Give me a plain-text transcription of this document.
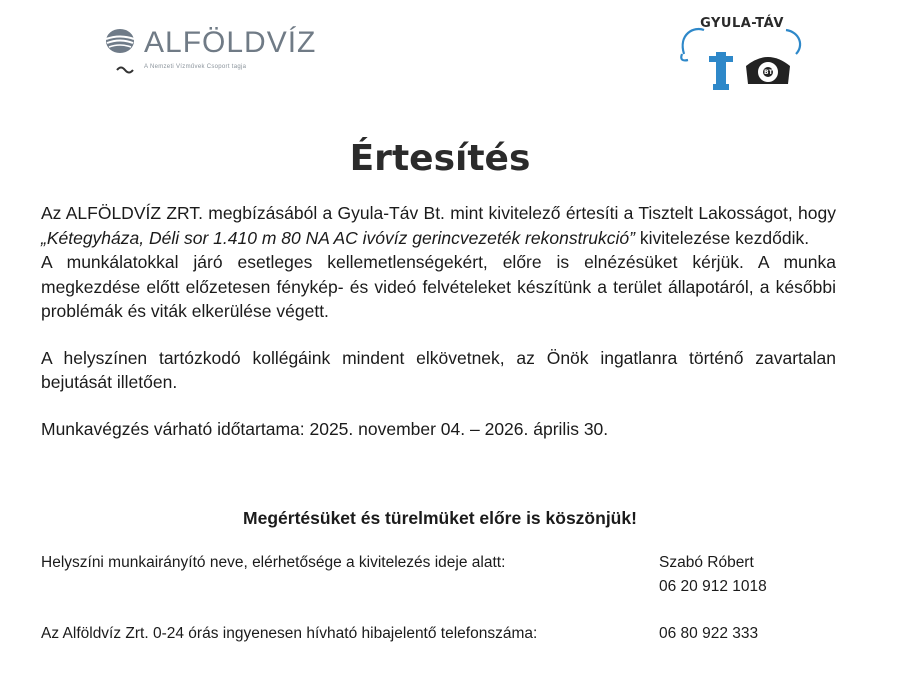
ALFÖLDVÍZ
A Nemzeti Vízművek Csoport tagja
GYULA-TÁV
BT
Értesítés

Az ALFÖLDVÍZ ZRT. megbízásából a Gyula-Táv Bt. mint kivitelező értesíti a Tisztelt Lakosságot, hogy „Kétegyháza, Déli sor 1.410 m 80 NA AC ivóvíz gerincvezeték rekonstrukció” kivitelezése kezdődik.

A munkálatokkal járó esetleges kellemetlenségekért, előre is elnézésüket kérjük. A munka megkezdése előtt előzetesen fénykép- és videó felvételeket készítünk a terület állapotáról, a későbbi problémák és viták elkerülése végett.

A helyszínen tartózkodó kollégáink mindent elkövetnek, az Önök ingatlanra történő zavartalan bejutását illetően.

Munkavégzés várható időtartama: 2025. november 04. – 2026. április 30.

Megértésüket és türelmüket előre is köszönjük!
Helyszíni munkairányító neve, elérhetősége a kivitelezés ideje alatt:	Szabó Róbert
06 20 912 1018
Az Alföldvíz Zrt. 0-24 órás ingyenesen hívható hibajelentő telefonszáma:	06 80 922 333
